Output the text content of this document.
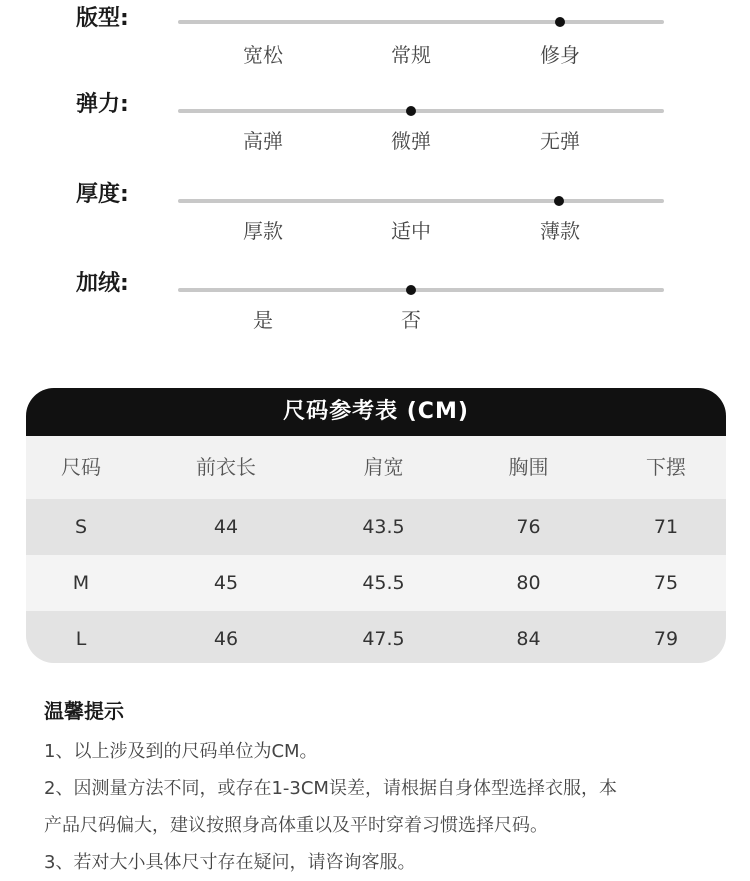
版型:
宽松	常规	修身
弹力:
高弹	微弹	无弹
厚度:
厚款	适中	薄款
加绒:
是	否
尺码参考表 (CM)
尺码	前衣长	肩宽	胸围	下摆
S	44	43.5	76	71
M	45	45.5	80	75
L	46	47.5	84	79
温馨提示
1、以上涉及到的尺码单位为CM。
2、因测量方法不同，或存在1-3CM误差，请根据自身体型选择衣服，本
产品尺码偏大，建议按照身高体重以及平时穿着习惯选择尺码。
3、若对大小具体尺寸存在疑问，请咨询客服。
